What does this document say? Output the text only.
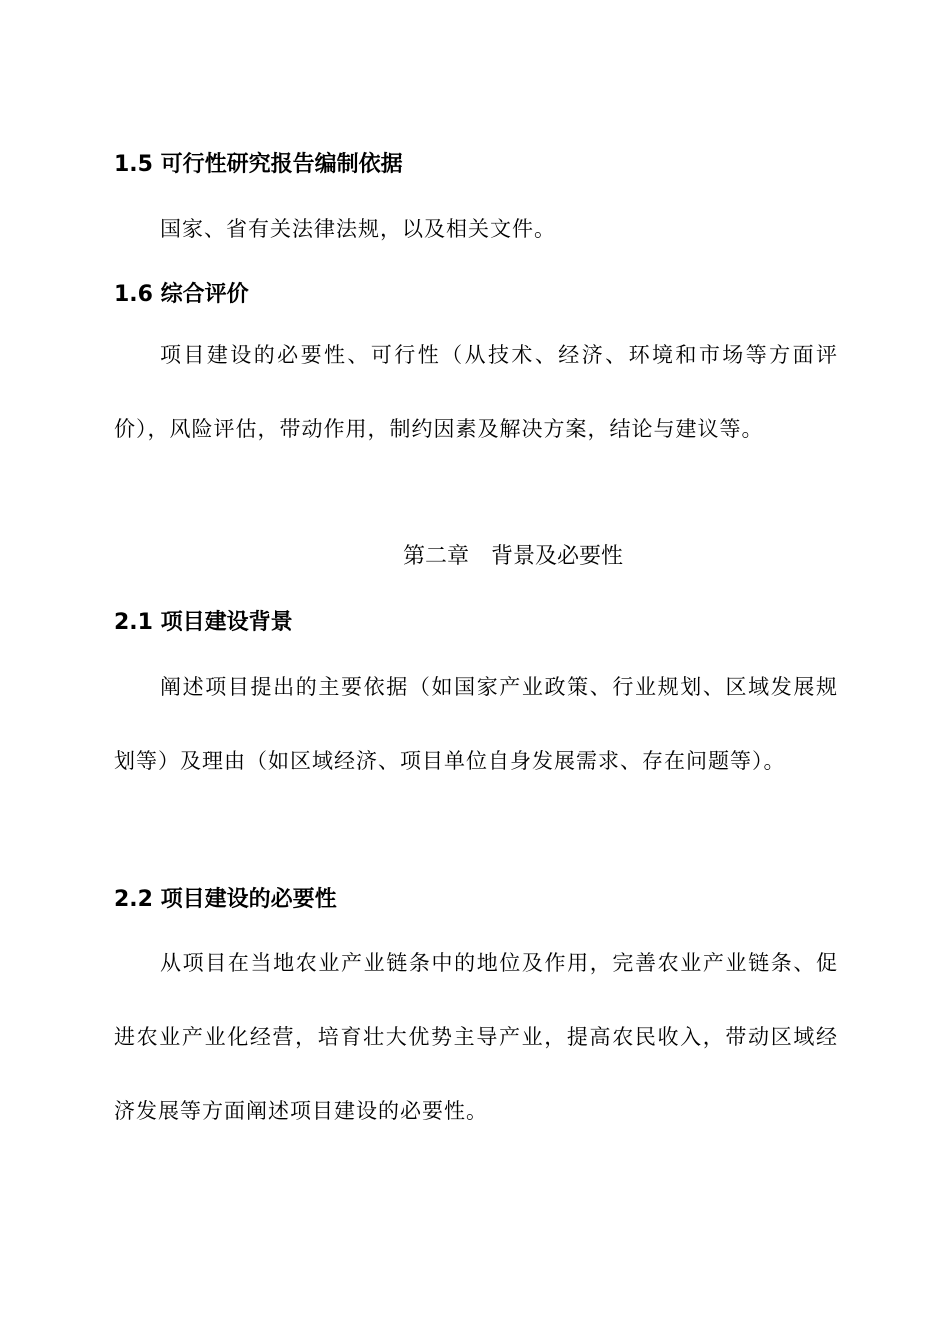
1.5 可行性研究报告编制依据
国家、省有关法律法规，以及相关文件。
1.6 综合评价
项目建设的必要性、可行性（从技术、经济、环境和市场等方面评价），风险评估，带动作用，制约因素及解决方案，结论与建议等。
第二章　背景及必要性
2.1 项目建设背景
阐述项目提出的主要依据（如国家产业政策、行业规划、区域发展规划等）及理由（如区域经济、项目单位自身发展需求、存在问题等）。
2.2 项目建设的必要性
从项目在当地农业产业链条中的地位及作用，完善农业产业链条、促进农业产业化经营，培育壮大优势主导产业，提高农民收入，带动区域经济发展等方面阐述项目建设的必要性。
